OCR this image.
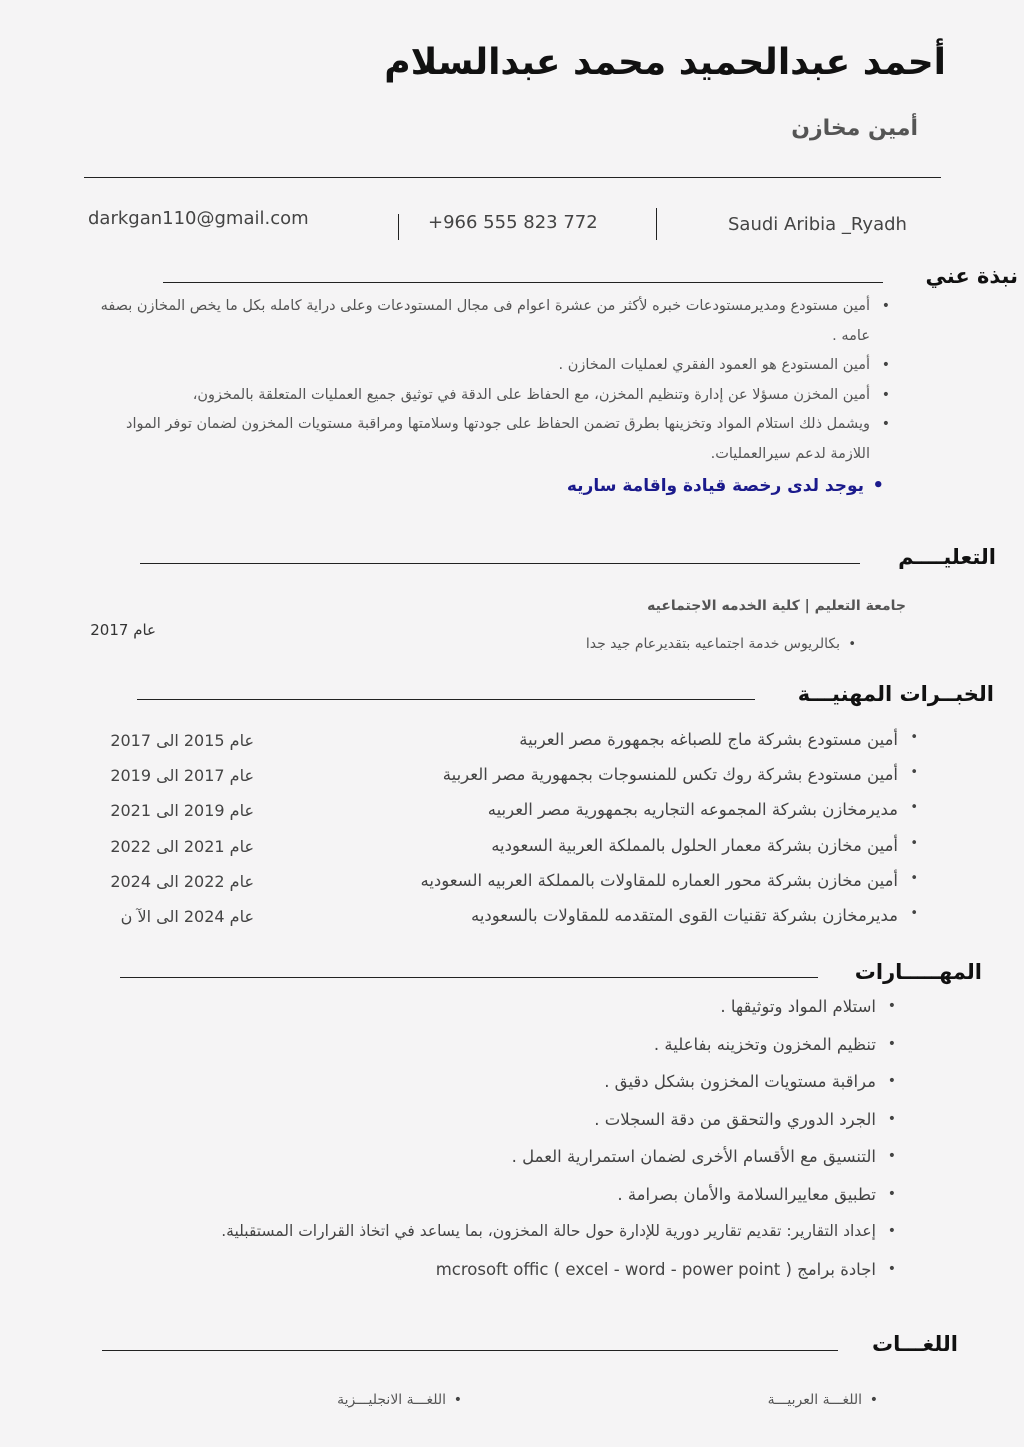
أحمد عبدالحميد محمد عبدالسلام
أمين مخازن
darkgan110@gmail.com	+966 555 823 772	Saudi Aribia _Ryadh
نبذة عني
• أمين مستودع ومديرمستودعات خبره لأكثر من عشرة اعوام فى مجال المستودعات وعلى دراية كامله بكل ما يخص المخازن بصفه عامه .
• أمين المستودع هو العمود الفقري لعمليات المخازن .
• أمين المخزن مسؤلا عن إدارة وتنظيم المخزن، مع الحفاظ على الدقة في توثيق جميع العمليات المتعلقة بالمخزون،
• ويشمل ذلك استلام المواد وتخزينها بطرق تضمن الحفاظ على جودتها وسلامتها ومراقبة مستويات المخزون لضمان توفر المواد اللازمة لدعم سيرالعمليات.
• يوجد لدى رخصة قيادة واقامة ساريه
التعليــــم
جامعة التعليم | كلية الخدمه الاجتماعيه
بكالريوس خدمة اجتماعيه بتقديرعام جيد جدا •
عام 2017
الخبــرات المهنيـــة
• أمين مستودع بشركة ماج للصباغه بجمهورة مصر العربية
عام 2015 الى 2017
• أمين مستودع بشركة روك تكس للمنسوجات بجمهورية مصر العربية
عام 2017 الى 2019
• مديرمخازن بشركة المجموعه التجاريه بجمهورية مصر العربيه
عام 2019 الى 2021
• أمين مخازن بشركة معمار الحلول بالمملكة العربية السعوديه
عام 2021 الى 2022
• أمين مخازن بشركة محور العماره للمقاولات بالمملكة العربيه السعوديه
عام 2022 الى 2024
• مديرمخازن بشركة تقنيات القوى المتقدمه للمقاولات بالسعوديه
عام 2024 الى الآ ن
المهـــــارات
• استلام المواد وتوثيقها .
• تنظيم المخزون وتخزينه بفاعلية .
• مراقبة مستويات المخزون بشكل دقيق .
• الجرد الدوري والتحقق من دقة السجلات .
• التنسيق مع الأقسام الأخرى لضمان استمرارية العمل .
• تطبيق معاييرالسلامة والأمان بصرامة .
• إعداد التقارير: تقديم تقارير دورية للإدارة حول حالة المخزون، بما يساعد في اتخاذ القرارات المستقبلية.
• اجادة برامج ( mcrosoft offic ( excel - word - power point
اللغـــات
• اللغـــة العربيـــة
• اللغـــة الانجليـــزية
